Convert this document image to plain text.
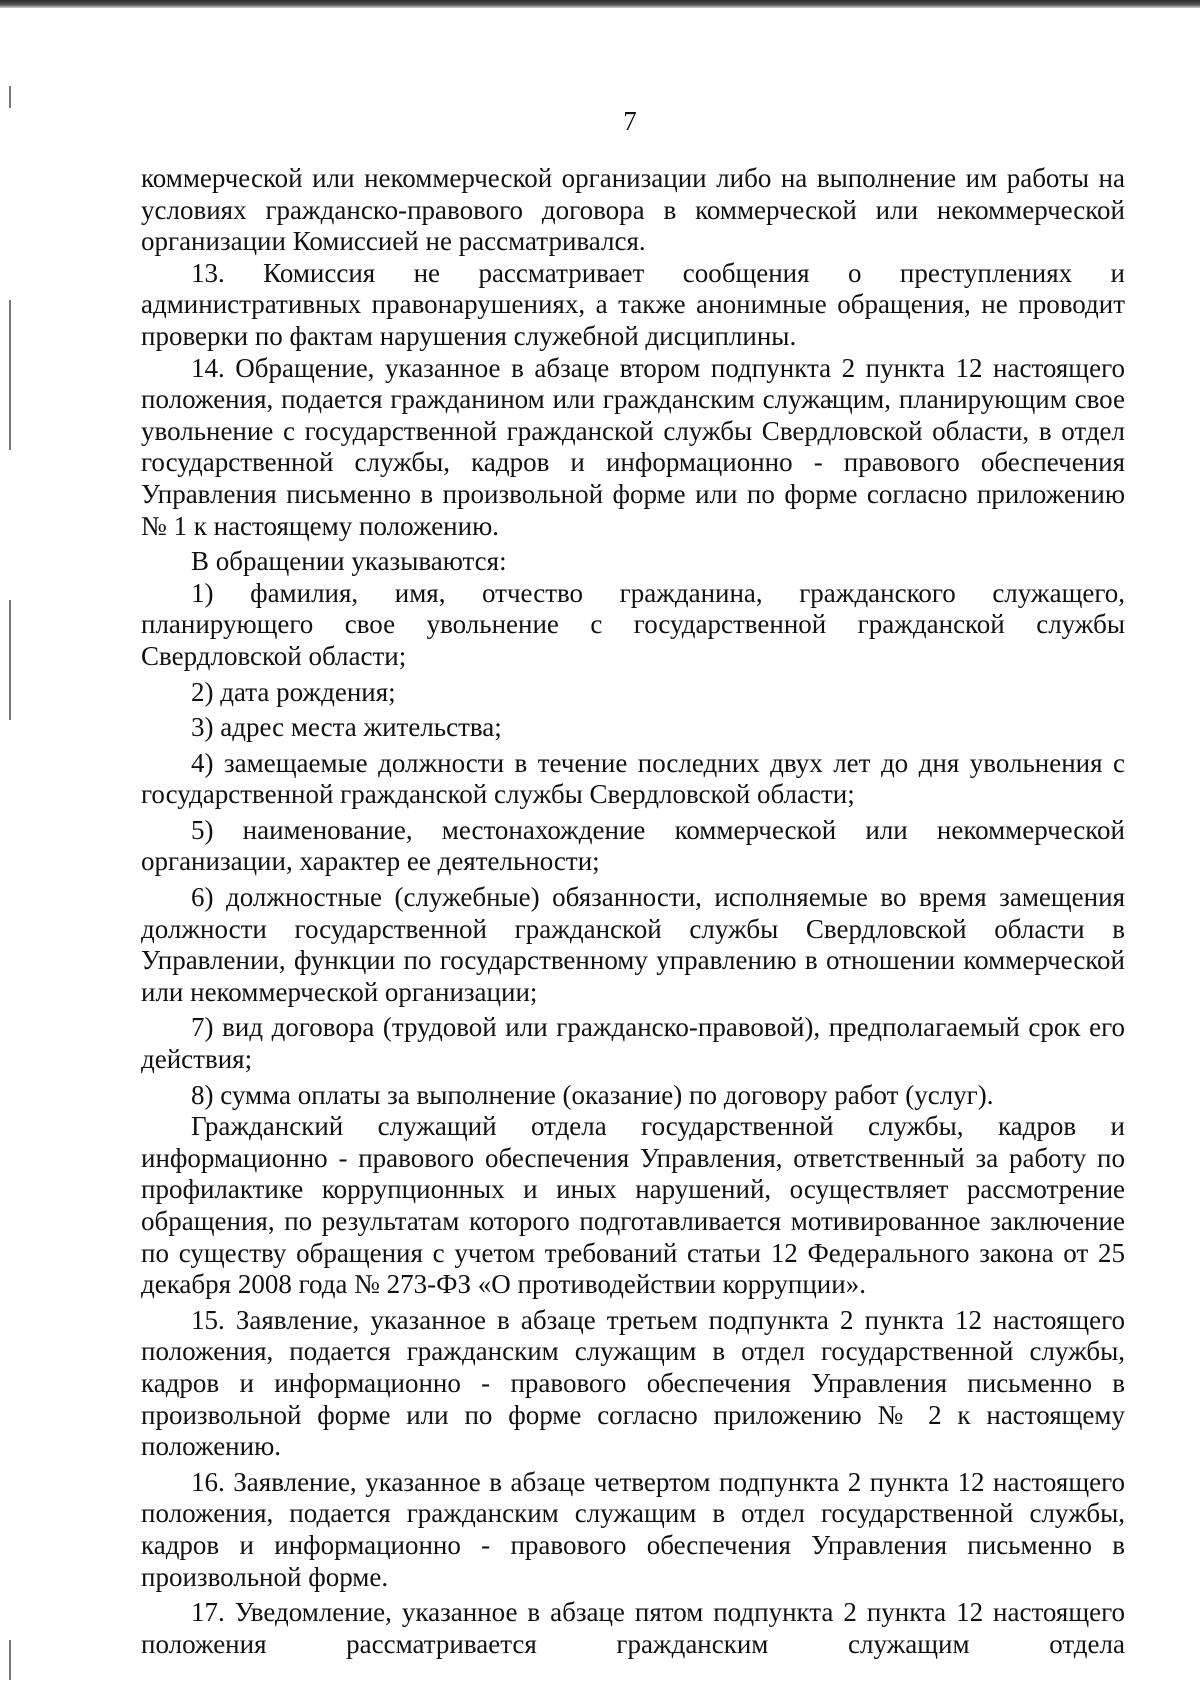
7

коммерческой или некоммерческой организации либо на выполнение им работы на условиях гражданско-правового договора в коммерческой или некоммерческой организации Комиссией не рассматривался.

13. Комиссия не рассматривает сообщения о преступлениях и административных правонарушениях, а также анонимные обращения, не проводит проверки по фактам нарушения служебной дисциплины.

14. Обращение, указанное в абзаце втором подпункта 2 пункта 12 настоящего положения, подается гражданином или гражданским служащим, планирующим свое увольнение с государственной гражданской службы Свердловской области, в отдел государственной службы, кадров и информационно - правового обеспечения Управления письменно в произвольной форме или по форме согласно приложению № 1 к настоящему положению.

В обращении указываются:

1) фамилия, имя, отчество гражданина, гражданского служащего, планирующего свое увольнение с государственной гражданской службы Свердловской области;

2) дата рождения;

3) адрес места жительства;

4) замещаемые должности в течение последних двух лет до дня увольнения с государственной гражданской службы Свердловской области;

5) наименование, местонахождение коммерческой или некоммерческой организации, характер ее деятельности;

6) должностные (служебные) обязанности, исполняемые во время замещения должности государственной гражданской службы Свердловской области в Управлении, функции по государственному управлению в отношении коммерческой или некоммерческой организации;

7) вид договора (трудовой или гражданско-правовой), предполагаемый срок его действия;

8) сумма оплаты за выполнение (оказание) по договору работ (услуг).

Гражданский служащий отдела государственной службы, кадров и информационно - правового обеспечения Управления, ответственный за работу по профилактике коррупционных и иных нарушений, осуществляет рассмотрение обращения, по результатам которого подготавливается мотивированное заключение по существу обращения с учетом требований статьи 12 Федерального закона от 25 декабря 2008 года № 273-ФЗ «О противодействии коррупции».

15. Заявление, указанное в абзаце третьем подпункта 2 пункта 12 настоящего положения, подается гражданским служащим в отдел государственной службы, кадров и информационно - правового обеспечения Управления письменно в произвольной форме или по форме согласно приложению № 2 к настоящему положению.

16. Заявление, указанное в абзаце четвертом подпункта 2 пункта 12 настоящего положения, подается гражданским служащим в отдел государственной службы, кадров и информационно - правового обеспечения Управления письменно в произвольной форме.

17. Уведомление, указанное в абзаце пятом подпункта 2 пункта 12 настоящего положения рассматривается гражданским служащим отдела
